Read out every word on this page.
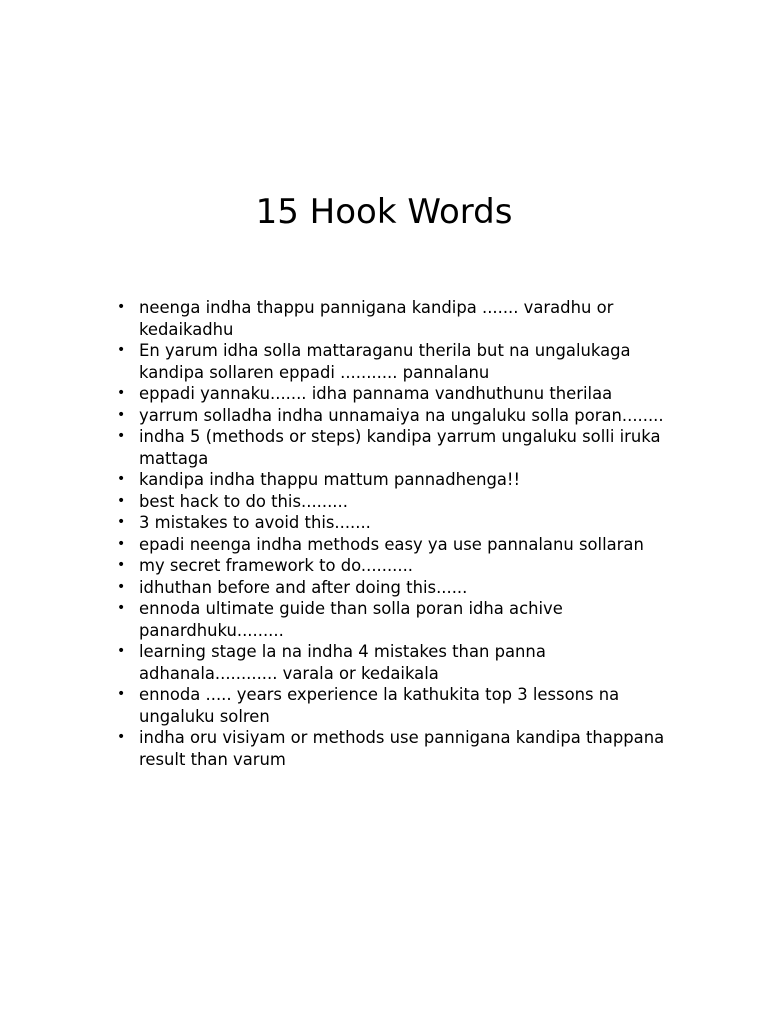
15 Hook Words
• neenga indha thappu pannigana kandipa ....... varadhu or kedaikadhu
• En yarum idha solla mattaraganu therila but na ungalukaga kandipa sollaren eppadi ........... pannalanu
• eppadi yannaku....... idha pannama vandhuthunu therilaa
• yarrum solladha indha unnamaiya na ungaluku solla poran........
• indha 5 (methods or steps) kandipa yarrum ungaluku solli iruka mattaga
• kandipa indha thappu mattum pannadhenga!!
• best hack to do this.........
• 3 mistakes to avoid this.......
• epadi neenga indha methods easy ya use pannalanu sollaran
• my secret framework to do..........
• idhuthan before and after doing this......
• ennoda ultimate guide than solla poran idha achive panardhuku.........
• learning stage la na indha 4 mistakes than panna adhanala............ varala or kedaikala
• ennoda ..... years experience la kathukita top 3 lessons na ungaluku solren
• indha oru visiyam or methods use pannigana kandipa thappana result than varum
